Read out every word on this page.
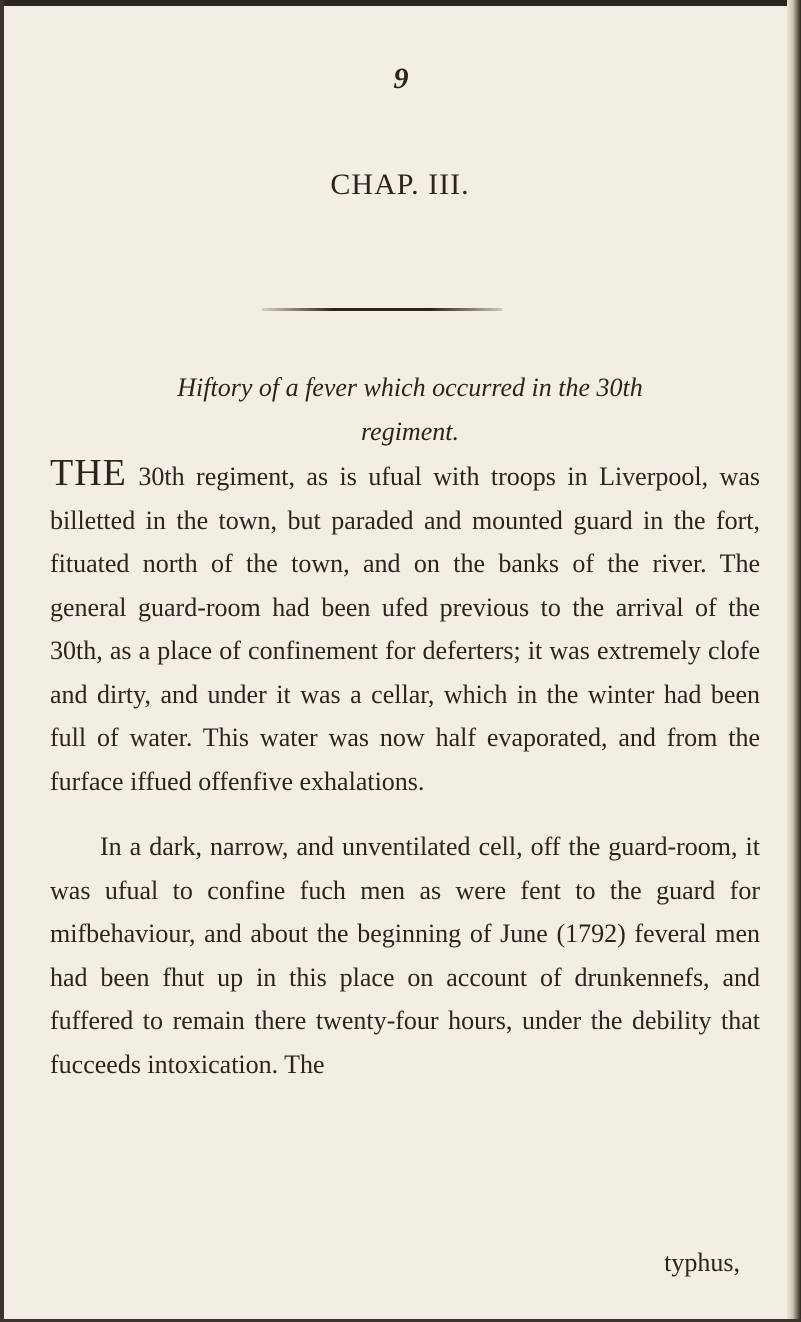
9
CHAP. III.
Hiftory of a fever which occurred in the 30th
regiment.

THE 30th regiment, as is ufual with troops in Liverpool, was billetted in the town, but paraded and mounted guard in the fort, fituated north of the town, and on the banks of the river. The general guard-room had been ufed previous to the arrival of the 30th, as a place of confinement for deferters; it was extremely clofe and dirty, and under it was a cellar, which in the winter had been full of water. This water was now half evaporated, and from the furface iffued offenfive exhalations.

In a dark, narrow, and unventilated cell, off the guard-room, it was ufual to confine fuch men as were fent to the guard for mifbehaviour, and about the beginning of June (1792) feveral men had been fhut up in this place on account of drunkennefs, and fuffered to remain there twenty-four hours, under the debility that fucceeds intoxication. The

typhus,
